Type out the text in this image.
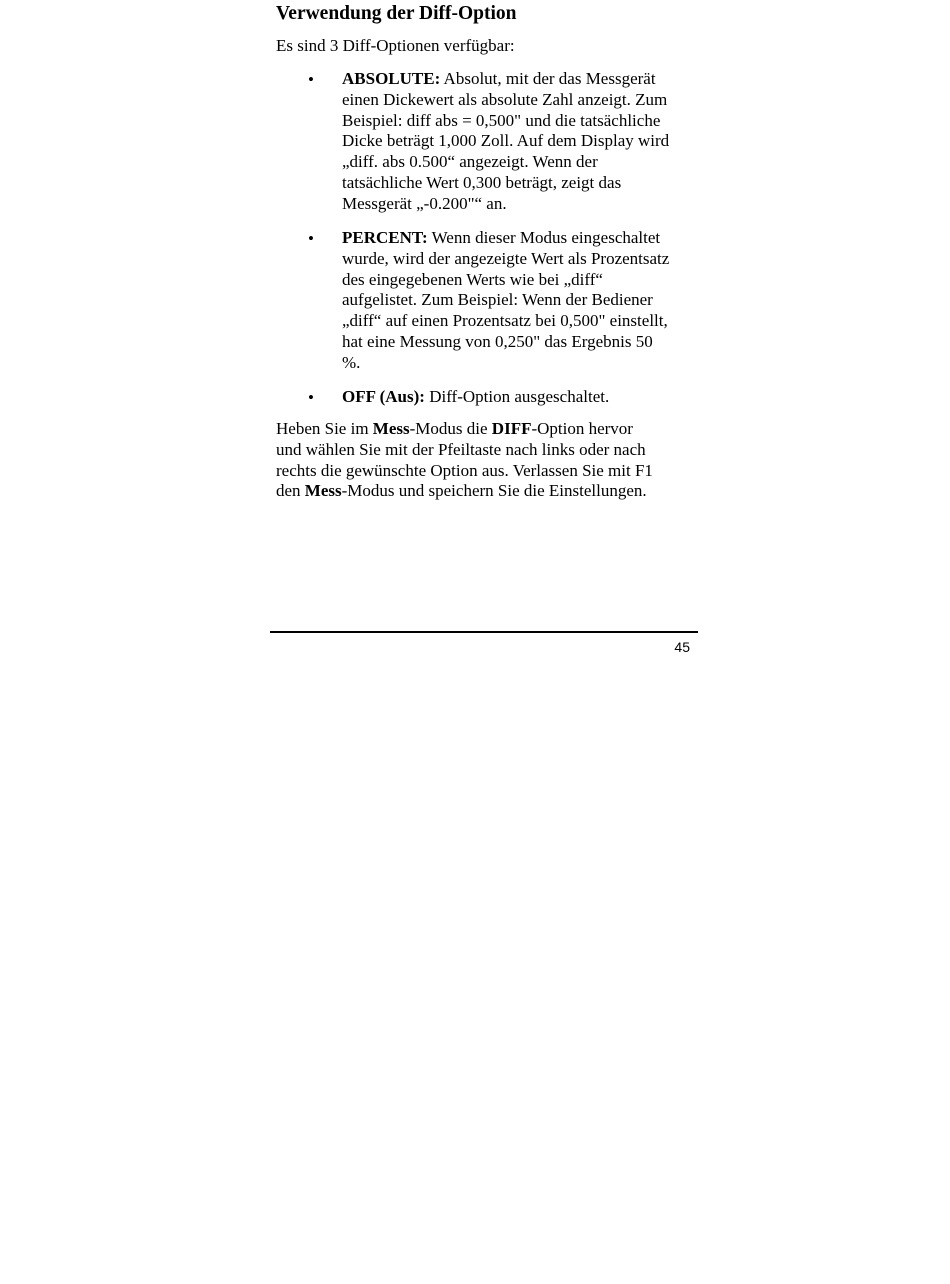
Verwendung der Diff-Option

Es sind 3 Diff-Optionen verfügbar:

• ABSOLUTE: Absolut, mit der das Messgerät
einen Dickewert als absolute Zahl anzeigt. Zum
Beispiel: diff abs = 0,500" und die tatsächliche
Dicke beträgt 1,000 Zoll. Auf dem Display wird
„diff. abs 0.500“ angezeigt. Wenn der
tatsächliche Wert 0,300 beträgt, zeigt das
Messgerät „-0.200"“ an.

• PERCENT: Wenn dieser Modus eingeschaltet
wurde, wird der angezeigte Wert als Prozentsatz
des eingegebenen Werts wie bei „diff“
aufgelistet. Zum Beispiel: Wenn der Bediener
„diff“ auf einen Prozentsatz bei 0,500" einstellt,
hat eine Messung von 0,250" das Ergebnis 50
%.

• OFF (Aus): Diff-Option ausgeschaltet.

Heben Sie im Mess-Modus die DIFF-Option hervor
und wählen Sie mit der Pfeiltaste nach links oder nach
rechts die gewünschte Option aus. Verlassen Sie mit F1
den Mess-Modus und speichern Sie die Einstellungen.

45
